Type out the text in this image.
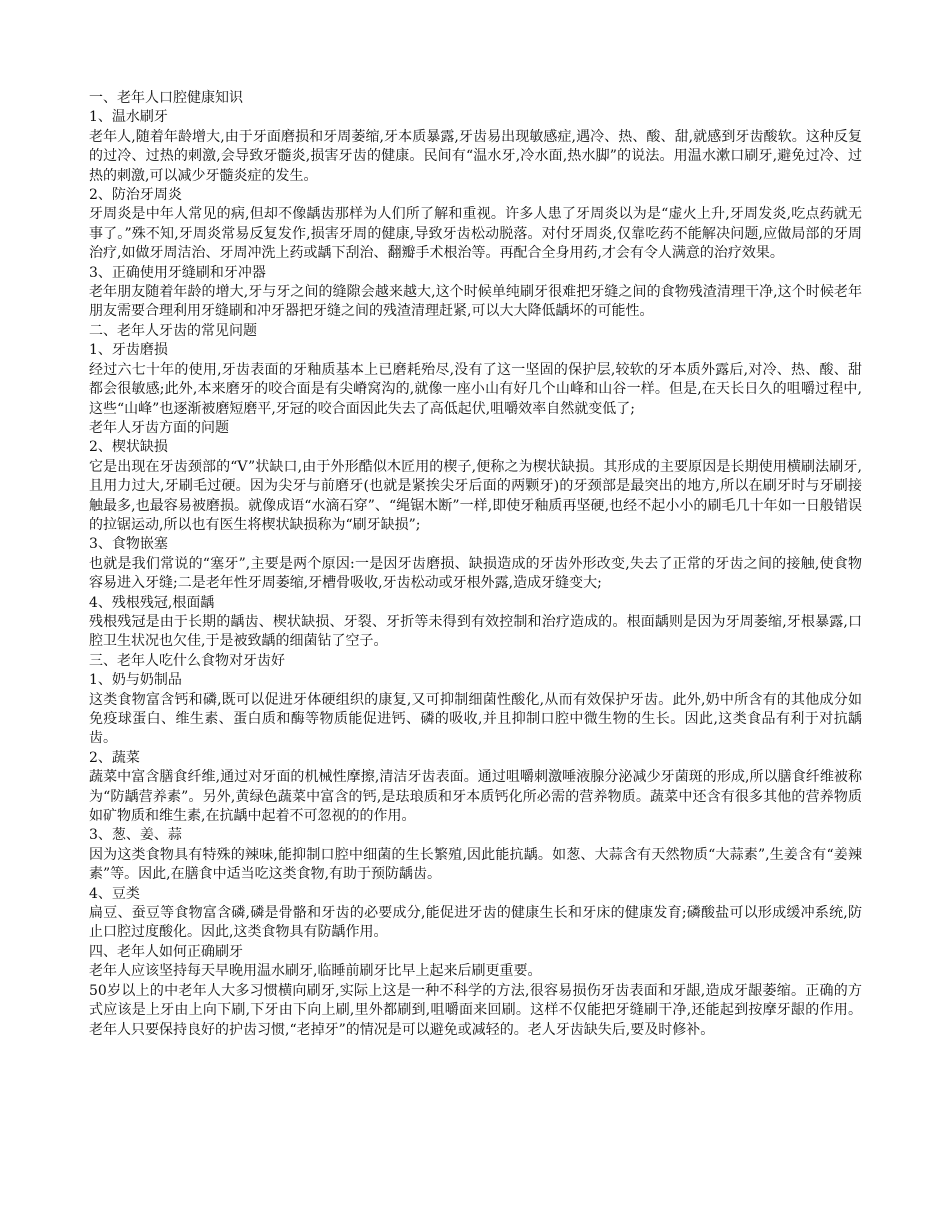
一、老年人口腔健康知识

1、温水刷牙

老年人,随着年龄增大,由于牙面磨损和牙周萎缩,牙本质暴露,牙齿易出现敏感症,遇冷、热、酸、甜,就感到牙齿酸软。这种反复的过冷、过热的刺激,会导致牙髓炎,损害牙齿的健康。民间有“温水牙,冷水面,热水脚”的说法。用温水漱口刷牙,避免过冷、过热的刺激,可以减少牙髓炎症的发生。

2、防治牙周炎

牙周炎是中年人常见的病,但却不像龋齿那样为人们所了解和重视。许多人患了牙周炎以为是“虚火上升,牙周发炎,吃点药就无事了。”殊不知,牙周炎常易反复发作,损害牙周的健康,导致牙齿松动脱落。对付牙周炎,仅靠吃药不能解决问题,应做局部的牙周治疗,如做牙周洁治、牙周冲洗上药或龋下刮治、翻瓣手术根治等。再配合全身用药,才会有令人满意的治疗效果。

3、正确使用牙缝刷和牙冲器

老年朋友随着年龄的增大,牙与牙之间的缝隙会越来越大,这个时候单纯刷牙很难把牙缝之间的食物残渣清理干净,这个时候老年朋友需要合理利用牙缝刷和冲牙器把牙缝之间的残渣清理赶紧,可以大大降低龋坏的可能性。

二、老年人牙齿的常见问题

1、牙齿磨损

经过六七十年的使用,牙齿表面的牙釉质基本上已磨耗殆尽,没有了这一坚固的保护层,较软的牙本质外露后,对冷、热、酸、甜都会很敏感;此外,本来磨牙的咬合面是有尖嵴窝沟的,就像一座小山有好几个山峰和山谷一样。但是,在天长日久的咀嚼过程中,这些“山峰”也逐渐被磨短磨平,牙冠的咬合面因此失去了高低起伏,咀嚼效率自然就变低了;

老年人牙齿方面的问题

2、楔状缺损

它是出现在牙齿颈部的“V”状缺口,由于外形酷似木匠用的楔子,便称之为楔状缺损。其形成的主要原因是长期使用横刷法刷牙,且用力过大,牙刷毛过硬。因为尖牙与前磨牙(也就是紧挨尖牙后面的两颗牙)的牙颈部是最突出的地方,所以在刷牙时与牙刷接触最多,也最容易被磨损。就像成语“水滴石穿”、“绳锯木断”一样,即使牙釉质再坚硬,也经不起小小的刷毛几十年如一日般错误的拉锯运动,所以也有医生将楔状缺损称为“刷牙缺损”;

3、食物嵌塞

也就是我们常说的“塞牙”,主要是两个原因:一是因牙齿磨损、缺损造成的牙齿外形改变,失去了正常的牙齿之间的接触,使食物容易进入牙缝;二是老年性牙周萎缩,牙槽骨吸收,牙齿松动或牙根外露,造成牙缝变大;

4、残根残冠,根面龋

残根残冠是由于长期的龋齿、楔状缺损、牙裂、牙折等未得到有效控制和治疗造成的。根面龋则是因为牙周萎缩,牙根暴露,口腔卫生状况也欠佳,于是被致龋的细菌钻了空子。

三、老年人吃什么食物对牙齿好

1、奶与奶制品

这类食物富含钙和磷,既可以促进牙体硬组织的康复,又可抑制细菌性酸化,从而有效保护牙齿。此外,奶中所含有的其他成分如免疫球蛋白、维生素、蛋白质和酶等物质能促进钙、磷的吸收,并且抑制口腔中微生物的生长。因此,这类食品有利于对抗龋齿。

2、蔬菜

蔬菜中富含膳食纤维,通过对牙面的机械性摩擦,清洁牙齿表面。通过咀嚼刺激唾液腺分泌减少牙菌斑的形成,所以膳食纤维被称为“防龋营养素”。另外,黄绿色蔬菜中富含的钙,是珐琅质和牙本质钙化所必需的营养物质。蔬菜中还含有很多其他的营养物质如矿物质和维生素,在抗龋中起着不可忽视的的作用。

3、葱、姜、蒜

因为这类食物具有特殊的辣味,能抑制口腔中细菌的生长繁殖,因此能抗龋。如葱、大蒜含有天然物质“大蒜素”,生姜含有“姜辣素”等。因此,在膳食中适当吃这类食物,有助于预防龋齿。

4、豆类

扁豆、蚕豆等食物富含磷,磷是骨骼和牙齿的必要成分,能促进牙齿的健康生长和牙床的健康发育;磷酸盐可以形成缓冲系统,防止口腔过度酸化。因此,这类食物具有防龋作用。

四、老年人如何正确刷牙

老年人应该坚持每天早晚用温水刷牙,临睡前刷牙比早上起来后刷更重要。

50岁以上的中老年人大多习惯横向刷牙,实际上这是一种不科学的方法,很容易损伤牙齿表面和牙龈,造成牙龈萎缩。正确的方式应该是上牙由上向下刷,下牙由下向上刷,里外都刷到,咀嚼面来回刷。这样不仅能把牙缝刷干净,还能起到按摩牙龈的作用。老年人只要保持良好的护齿习惯,“老掉牙”的情况是可以避免或减轻的。老人牙齿缺失后,要及时修补。
